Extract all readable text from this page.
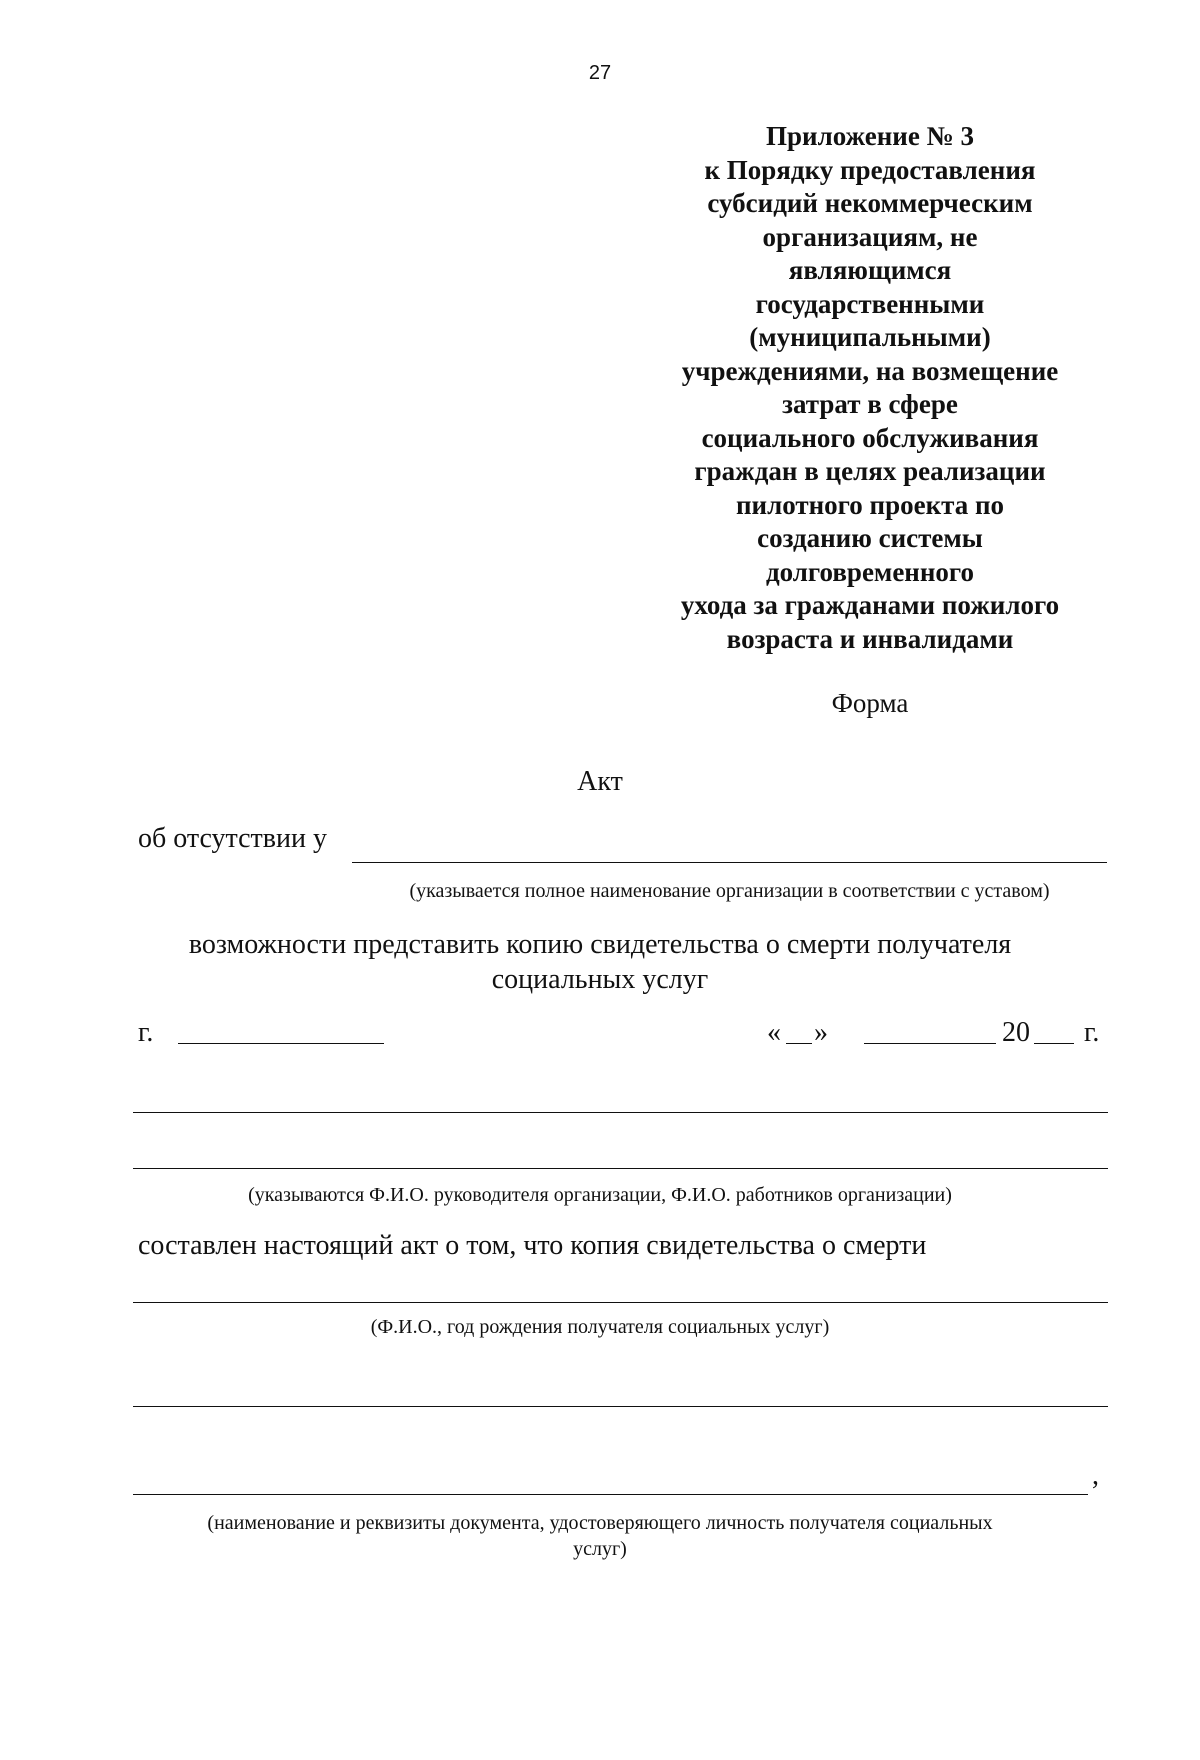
27
Приложение № 3
к Порядку предоставления
субсидий некоммерческим
организациям, не
являющимся
государственными
(муниципальными)
учреждениями, на возмещение
затрат в сфере
социального обслуживания
граждан в целях реализации
пилотного проекта по
созданию системы
долговременного
ухода за гражданами пожилого
возраста и инвалидами
Форма
Акт
об отсутствии у
(указывается полное наименование организации в соответствии с уставом)
возможности представить копию свидетельства о смерти получателя
социальных услуг
г.	« »	20 г.
(указываются Ф.И.О. руководителя организации, Ф.И.О. работников организации)
составлен настоящий акт о том, что копия свидетельства о смерти
(Ф.И.О., год рождения получателя социальных услуг)
,
(наименование и реквизиты документа, удостоверяющего личность получателя социальных
услуг)
